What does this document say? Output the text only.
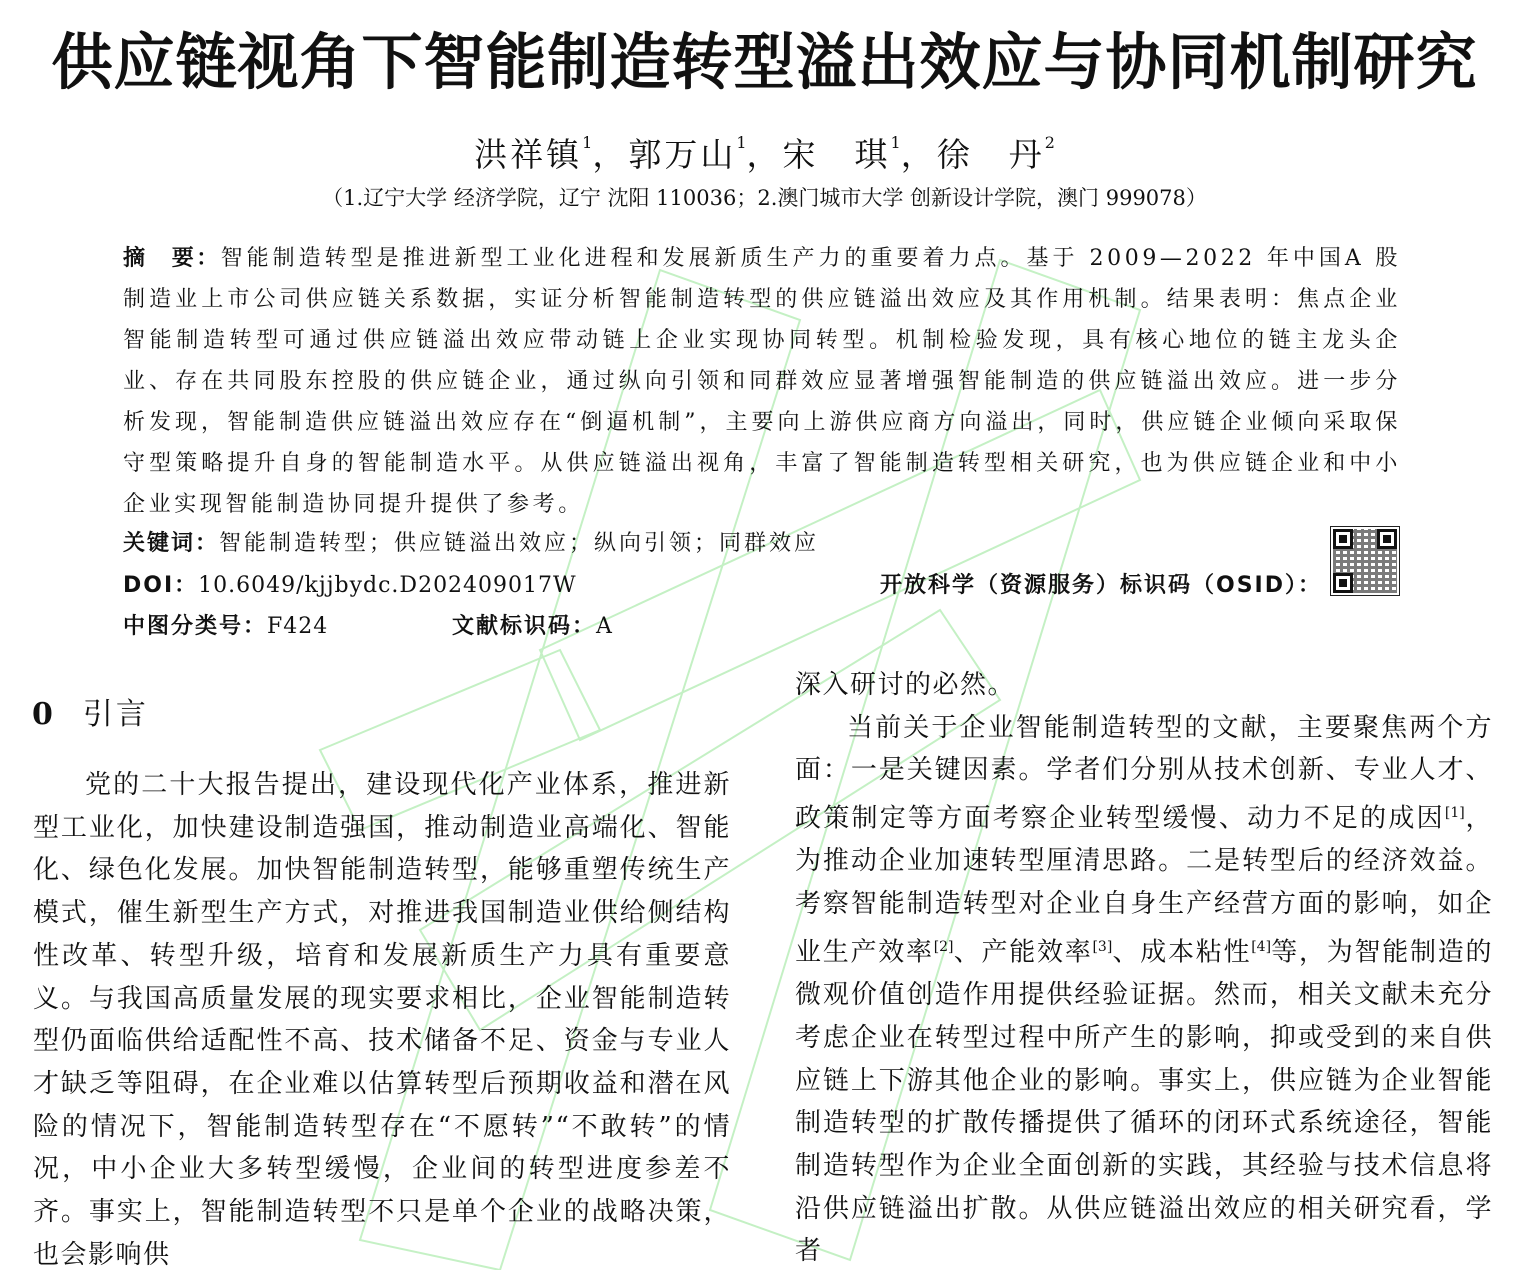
供应链视角下智能制造转型溢出效应与协同机制研究
洪祥镇$^1$，郭万山$^1$，宋　琪$^1$，徐　丹$^2$
（1.辽宁大学 经济学院，辽宁 沈阳 110036；2.澳门城市大学 创新设计学院，澳门 999078）
摘　要：智能制造转型是推进新型工业化进程和发展新质生产力的重要着力点。基于 2009—2022 年中国A 股制造业上市公司供应链关系数据，实证分析智能制造转型的供应链溢出效应及其作用机制。结果表明：焦点企业智能制造转型可通过供应链溢出效应带动链上企业实现协同转型。机制检验发现，具有核心地位的链主龙头企业、存在共同股东控股的供应链企业，通过纵向引领和同群效应显著增强智能制造的供应链溢出效应。进一步分析发现，智能制造供应链溢出效应存在“倒逼机制”，主要向上游供应商方向溢出，同时，供应链企业倾向采取保守型策略提升自身的智能制造水平。从供应链溢出视角，丰富了智能制造转型相关研究，也为供应链企业和中小企业实现智能制造协同提升提供了参考。
关键词：智能制造转型；供应链溢出效应；纵向引领；同群效应
DOI：10.6049/kjjbydc.D202409017W	开放科学（资源服务）标识码（OSID）：
中图分类号：F424	文献标识码：A
0 引言

党的二十大报告提出，建设现代化产业体系，推进新型工业化，加快建设制造强国，推动制造业高端化、智能化、绿色化发展。加快智能制造转型，能够重塑传统生产模式，催生新型生产方式，对推进我国制造业供给侧结构性改革、转型升级，培育和发展新质生产力具有重要意义。与我国高质量发展的现实要求相比，企业智能制造转型仍面临供给适配性不高、技术储备不足、资金与专业人才缺乏等阻碍，在企业难以估算转型后预期收益和潜在风险的情况下，智能制造转型存在“不愿转”“不敢转”的情况，中小企业大多转型缓慢，企业间的转型进度参差不齐。事实上，智能制造转型不只是单个企业的战略决策，也会影响供

深入研讨的必然。

当前关于企业智能制造转型的文献，主要聚焦两个方面：一是关键因素。学者们分别从技术创新、专业人才、政策制定等方面考察企业转型缓慢、动力不足的成因[1]，为推动企业加速转型厘清思路。二是转型后的经济效益。考察智能制造转型对企业自身生产经营方面的影响，如企业生产效率[2]、产能效率[3]、成本粘性[4]等，为智能制造的微观价值创造作用提供经验证据。然而，相关文献未充分考虑企业在转型过程中所产生的影响，抑或受到的来自供应链上下游其他企业的影响。事实上，供应链为企业智能制造转型的扩散传播提供了循环的闭环式系统途径，智能制造转型作为企业全面创新的实践，其经验与技术信息将沿供应链溢出扩散。从供应链溢出效应的相关研究看，学者
